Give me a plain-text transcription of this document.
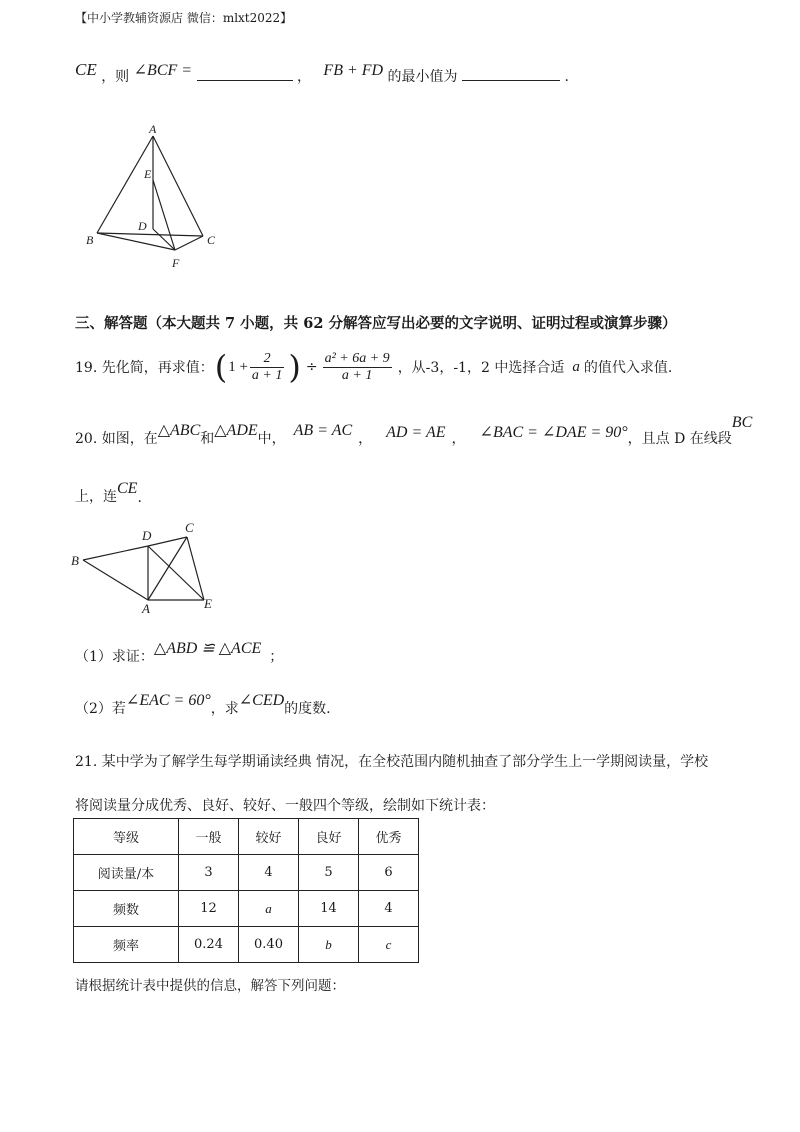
【中小学教辅资源店 微信：mlxt2022】
CE ，则 ∠BCF =	， FB + FD 的最小值为	.
A
E
D
B	C
F
三、解答题（本大题共 7 小题，共 62 分解答应写出必要的文字说明、证明过程或演算步骤）
19. 先化简，再求值： ( $1 + \frac{2}{a + 1}$ ) ÷ $\frac{\text{a² + 6a + 9}}{a + 1}$ ，从-3，-1，2 中选择合适 a 的值代入求值.
20. 如图，在 △ABC 和 △ADE 中， AB = AC ， AD = AE ， ∠BAC = ∠DAE = 90° ，且点 D 在线段
BC
上，连 CE
.
B
D
C
A	E
（1）求证： △ABD ≌ △ACE ；
（2）若 ∠EAC = 60° ，求 ∠CED 的度数.
21. 某中学为了解学生每学期诵读经典 情况，在全校范围内随机抽查了部分学生上一学期阅读量，学校
将阅读量分成优秀、良好、较好、一般四个等级，绘制如下统计表：
等级	一般	较好	良好	优秀
阅读量/本	3	4	5	6
频数	12	a	14	4
频率	0.24	0.40	b	c
请根据统计表中提供的信息，解答下列问题：
